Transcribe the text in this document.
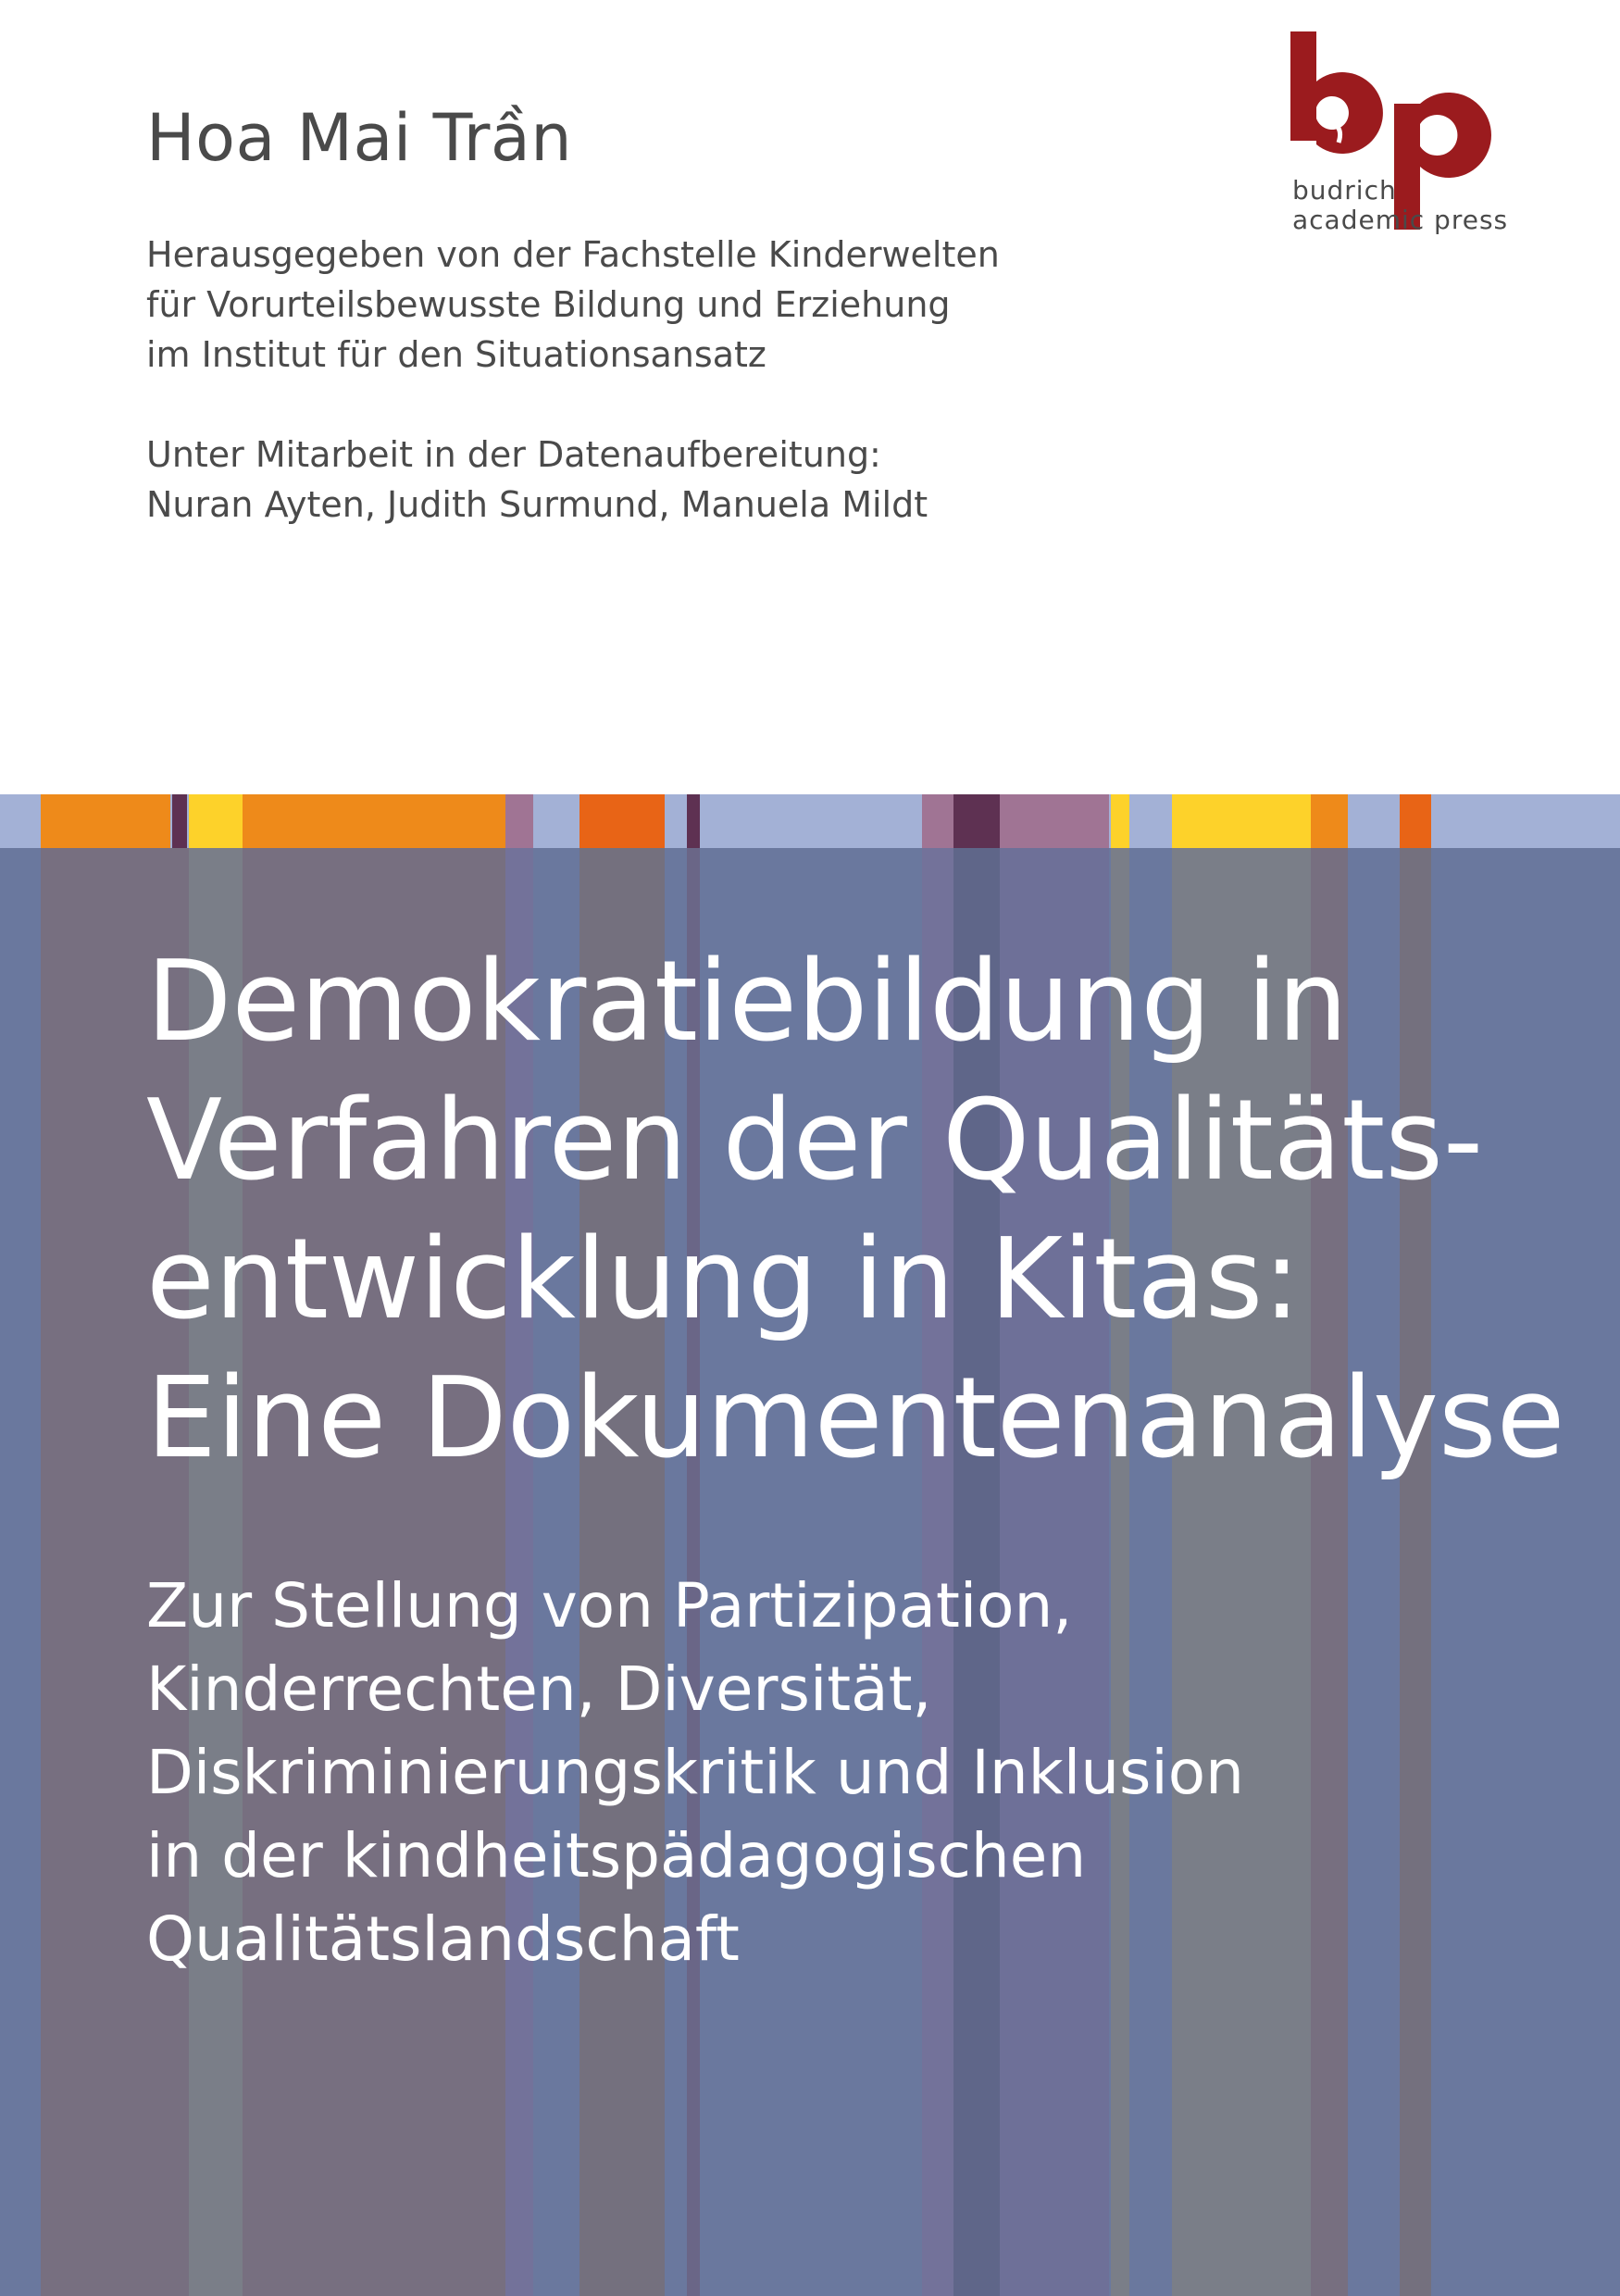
Hoa Mai Trần
Herausgegeben von der Fachstelle Kinderwelten
für Vorurteilsbewusste Bildung und Erziehung
im Institut für den Situationsansatz
Unter Mitarbeit in der Datenaufbereitung:
Nuran Ayten, Judith Surmund, Manuela Mildt
budrich
academic press
Demokratiebildung in
Verfahren der Qualitäts-
entwicklung in Kitas:
Eine Dokumentenanalyse
Zur Stellung von Partizipation,
Kinderrechten, Diversität,
Diskriminierungskritik und Inklusion
in der kindheitspädagogischen
Qualitätslandschaft
